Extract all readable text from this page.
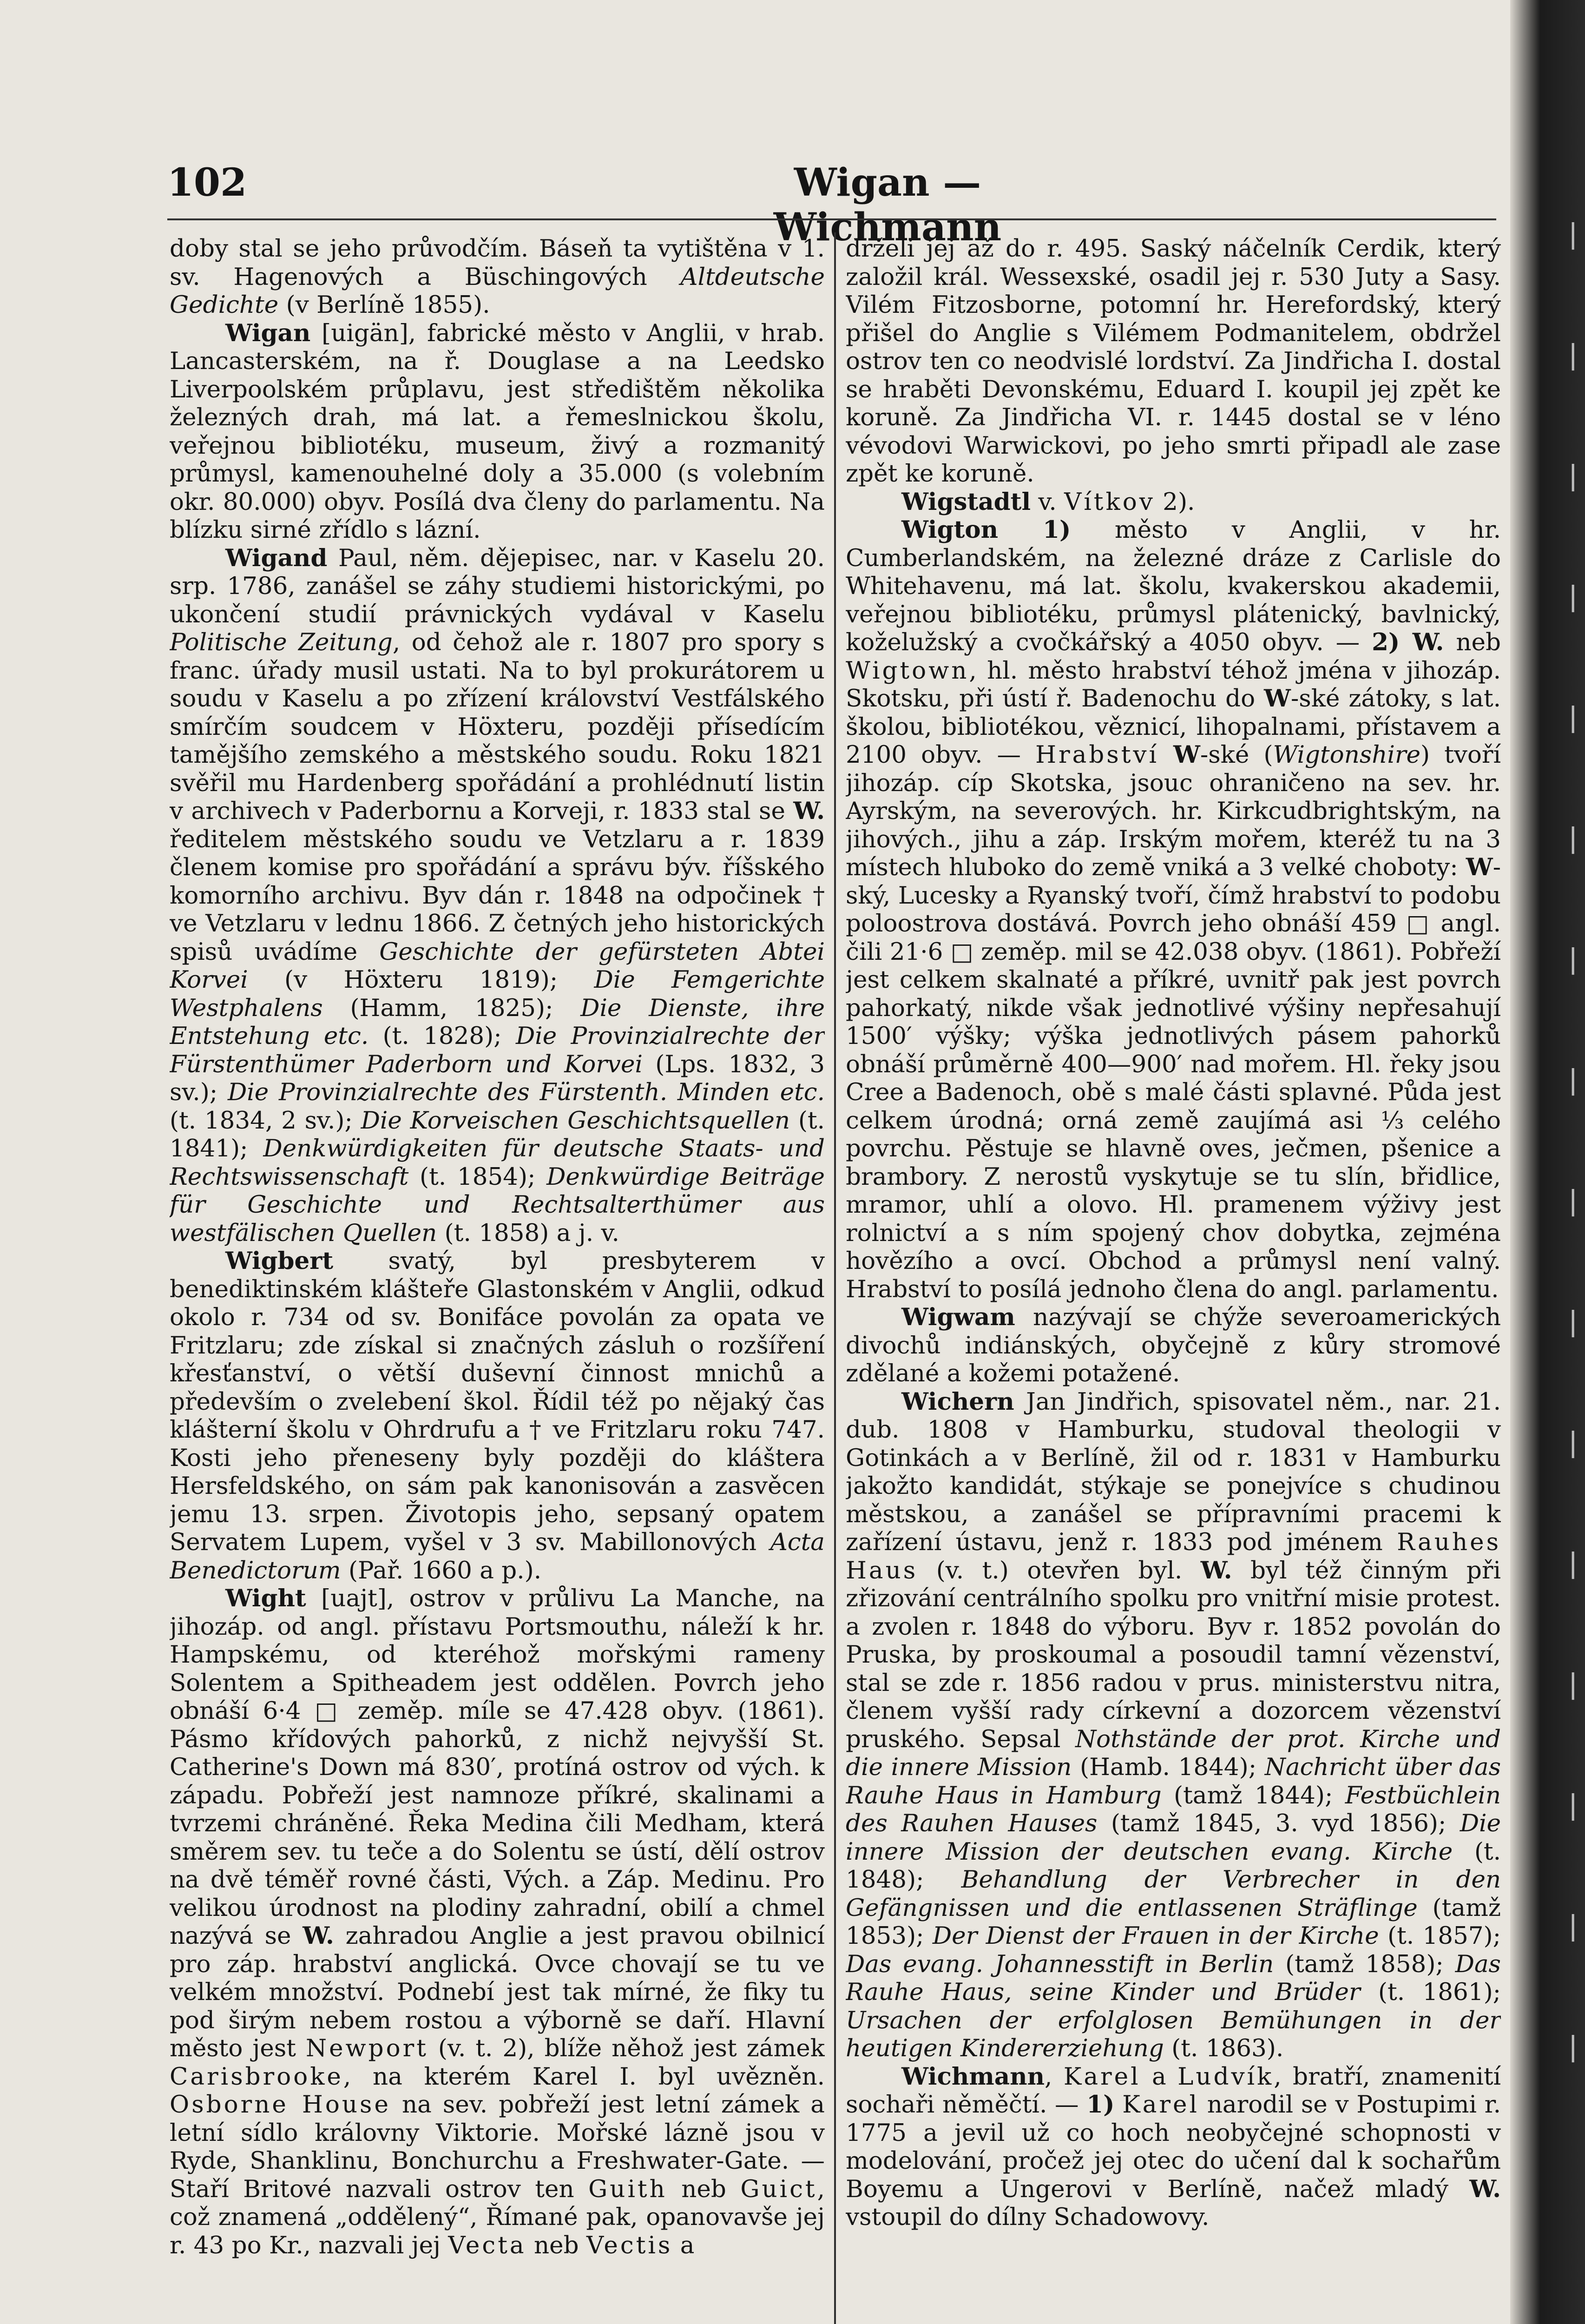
∣
∣
∣
∣
∣
∣
∣
∣
∣
∣
∣
∣
∣
∣
∣
∣
102	Wigan — Wichmann

doby stal se jeho průvodčím. Báseň ta vytištěna v 1. sv. Hagenových a Büschingových Altdeutsche Gedichte (v Berlíně 1855).

Wigan [uigän], fabrické město v Anglii, v hrab. Lancasterském, na ř. Douglase a na Leedsko Liverpoolském průplavu, jest středištěm několika železných drah, má lat. a řemeslnickou školu, veřejnou bibliotéku, museum, živý a rozmanitý průmysl, kamenouhelné doly a 35.000 (s volebním okr. 80.000) obyv. Posílá dva členy do parlamentu. Na blízku sirné zřídlo s lázní.

Wigand Paul, něm. dějepisec, nar. v Kaselu 20. srp. 1786, zanášel se záhy studiemi historickými, po ukončení studií právnických vydával v Kaselu Politische Zeitung, od čehož ale r. 1807 pro spory s franc. úřady musil ustati. Na to byl prokurátorem u soudu v Kaselu a po zřízení království Vestfálského smírčím soudcem v Höxteru, později přísedícím tamějšího zemského a městského soudu. Roku 1821 svěřil mu Hardenberg spořádání a prohlédnutí listin v archivech v Paderbornu a Korveji, r. 1833 stal se W. ředitelem městského soudu ve Vetzlaru a r. 1839 členem komise pro spořádání a správu býv. říšského komorního archivu. Byv dán r. 1848 na odpočinek † ve Vetzlaru v lednu 1866. Z četných jeho historických spisů uvádíme Geschichte der gefürsteten Abtei Korvei (v Höxteru 1819); Die Femgerichte Westphalens (Hamm, 1825); Die Dienste, ihre Entstehung etc. (t. 1828); Die Provinzialrechte der Fürstenthümer Paderborn und Korvei (Lps. 1832, 3 sv.); Die Provinzialrechte des Fürstenth. Minden etc. (t. 1834, 2 sv.); Die Korveischen Geschichtsquellen (t. 1841); Denkwürdigkeiten für deutsche Staats- und Rechtswissenschaft (t. 1854); Denkwürdige Beiträge für Geschichte und Rechtsalterthümer aus westfälischen Quellen (t. 1858) a j. v.

Wigbert svatý, byl presbyterem v benediktinském klášteře Glastonském v Anglii, odkud okolo r. 734 od sv. Bonifáce povolán za opata ve Fritzlaru; zde získal si značných zásluh o rozšíření křesťanství, o větší duševní činnost mnichů a především o zvelebení škol. Řídil též po nějaký čas klášterní školu v Ohrdrufu a † ve Fritzlaru roku 747. Kosti jeho přeneseny byly později do kláštera Hersfeldského, on sám pak kanonisován a zasvěcen jemu 13. srpen. Životopis jeho, sepsaný opatem Servatem Lupem, vyšel v 3 sv. Mabillonových Acta Benedictorum (Pař. 1660 a p.).

Wight [uajt], ostrov v průlivu La Manche, na jihozáp. od angl. přístavu Portsmouthu, náleží k hr. Hampskému, od kteréhož mořskými rameny Solentem a Spitheadem jest oddělen. Povrch jeho obnáší 6·4 □ zeměp. míle se 47.428 obyv. (1861). Pásmo křídových pahorků, z nichž nejvyšší St. Catherine's Down má 830′, protíná ostrov od vých. k západu. Pobřeží jest namnoze příkré, skalinami a tvrzemi chráněné. Řeka Medina čili Medham, která směrem sev. tu teče a do Solentu se ústí, dělí ostrov na dvě téměř rovné části, Vých. a Záp. Medinu. Pro velikou úrodnost na plodiny zahradní, obilí a chmel nazývá se W. zahradou Anglie a jest pravou obilnicí pro záp. hrabství anglická. Ovce chovají se tu ve velkém množství. Podnebí jest tak mírné, že fiky tu pod širým nebem rostou a výborně se daří. Hlavní město jest Newport (v. t. 2), blíže něhož jest zámek Carisbrooke, na kterém Karel I. byl uvězněn. Osborne House na sev. pobřeží jest letní zámek a letní sídlo královny Viktorie. Mořské lázně jsou v Ryde, Shanklinu, Bonchurchu a Freshwater-Gate. — Staří Britové nazvali ostrov ten Guith neb Guict, což znamená „oddělený“, Římané pak, opanovavše jej r. 43 po Kr., nazvali jej Vecta neb Vectis a

drželi jej až do r. 495. Saský náčelník Cerdik, který založil král. Wessexské, osadil jej r. 530 Juty a Sasy. Vilém Fitzosborne, potomní hr. Herefordský, který přišel do Anglie s Vilémem Podmanitelem, obdržel ostrov ten co neodvislé lordství. Za Jindřicha I. dostal se hraběti Devonskému, Eduard I. koupil jej zpět ke koruně. Za Jindřicha VI. r. 1445 dostal se v léno vévodovi Warwickovi, po jeho smrti připadl ale zase zpět ke koruně.

Wigstadtl v. Vítkov 2).

Wigton 1) město v Anglii, v hr. Cumberlandském, na železné dráze z Carlisle do Whitehavenu, má lat. školu, kvakerskou akademii, veřejnou bibliotéku, průmysl plátenický, bavlnický, koželužský a cvočkářský a 4050 obyv. — 2) W. neb Wigtown, hl. město hrabství téhož jména v jihozáp. Skotsku, při ústí ř. Badenochu do W-ské zátoky, s lat. školou, bibliotékou, věznicí, lihopalnami, přístavem a 2100 obyv. — Hrabství W-ské (Wigtonshire) tvoří jihozáp. cíp Skotska, jsouc ohraničeno na sev. hr. Ayrským, na severových. hr. Kirkcudbrightským, na jihových., jihu a záp. Irským mořem, kteréž tu na 3 místech hluboko do země vniká a 3 velké choboty: W-ský, Lucesky a Ryanský tvoří, čímž hrabství to podobu poloostrova dostává. Povrch jeho obnáší 459 □ angl. čili 21·6 □ zeměp. mil se 42.038 obyv. (1861). Pobřeží jest celkem skalnaté a příkré, uvnitř pak jest povrch pahorkatý, nikde však jednotlivé výšiny nepřesahují 1500′ výšky; výška jednotlivých pásem pahorků obnáší průměrně 400—900′ nad mořem. Hl. řeky jsou Cree a Badenoch, obě s malé části splavné. Půda jest celkem úrodná; orná země zaujímá asi ⅓ celého povrchu. Pěstuje se hlavně oves, ječmen, pšenice a brambory. Z nerostů vyskytuje se tu slín, břidlice, mramor, uhlí a olovo. Hl. pramenem výživy jest rolnictví a s ním spojený chov dobytka, zejména hovězího a ovcí. Obchod a průmysl není valný. Hrabství to posílá jednoho člena do angl. parlamentu.

Wigwam nazývají se chýže severoamerických divochů indiánských, obyčejně z kůry stromové zdělané a kožemi potažené.

Wichern Jan Jindřich, spisovatel něm., nar. 21. dub. 1808 v Hamburku, studoval theologii v Gotinkách a v Berlíně, žil od r. 1831 v Hamburku jakožto kandidát, stýkaje se ponejvíce s chudinou městskou, a zanášel se přípravními pracemi k zařízení ústavu, jenž r. 1833 pod jménem Rauhes Haus (v. t.) otevřen byl. W. byl též činným při zřizování centrálního spolku pro vnitřní misie protest. a zvolen r. 1848 do výboru. Byv r. 1852 povolán do Pruska, by proskoumal a posoudil tamní vězenství, stal se zde r. 1856 radou v prus. ministerstvu nitra, členem vyšší rady církevní a dozorcem vězenství pruského. Sepsal Nothstände der prot. Kirche und die innere Mission (Hamb. 1844); Nachricht über das Rauhe Haus in Hamburg (tamž 1844); Festbüchlein des Rauhen Hauses (tamž 1845, 3. vyd 1856); Die innere Mission der deutschen evang. Kirche (t. 1848); Behandlung der Verbrecher in den Gefängnissen und die entlassenen Sträflinge (tamž 1853); Der Dienst der Frauen in der Kirche (t. 1857); Das evang. Johannesstift in Berlin (tamž 1858); Das Rauhe Haus, seine Kinder und Brüder (t. 1861); Ursachen der erfolglosen Bemühungen in der heutigen Kindererziehung (t. 1863).

Wichmann, Karel a Ludvík, bratří, znamenití sochaři něměčtí. — 1) Karel narodil se v Postupimi r. 1775 a jevil už co hoch neobyčejné schopnosti v modelování, pročež jej otec do učení dal k sochařům Boyemu a Ungerovi v Berlíně, načež mladý W. vstoupil do dílny Schadowovy.
